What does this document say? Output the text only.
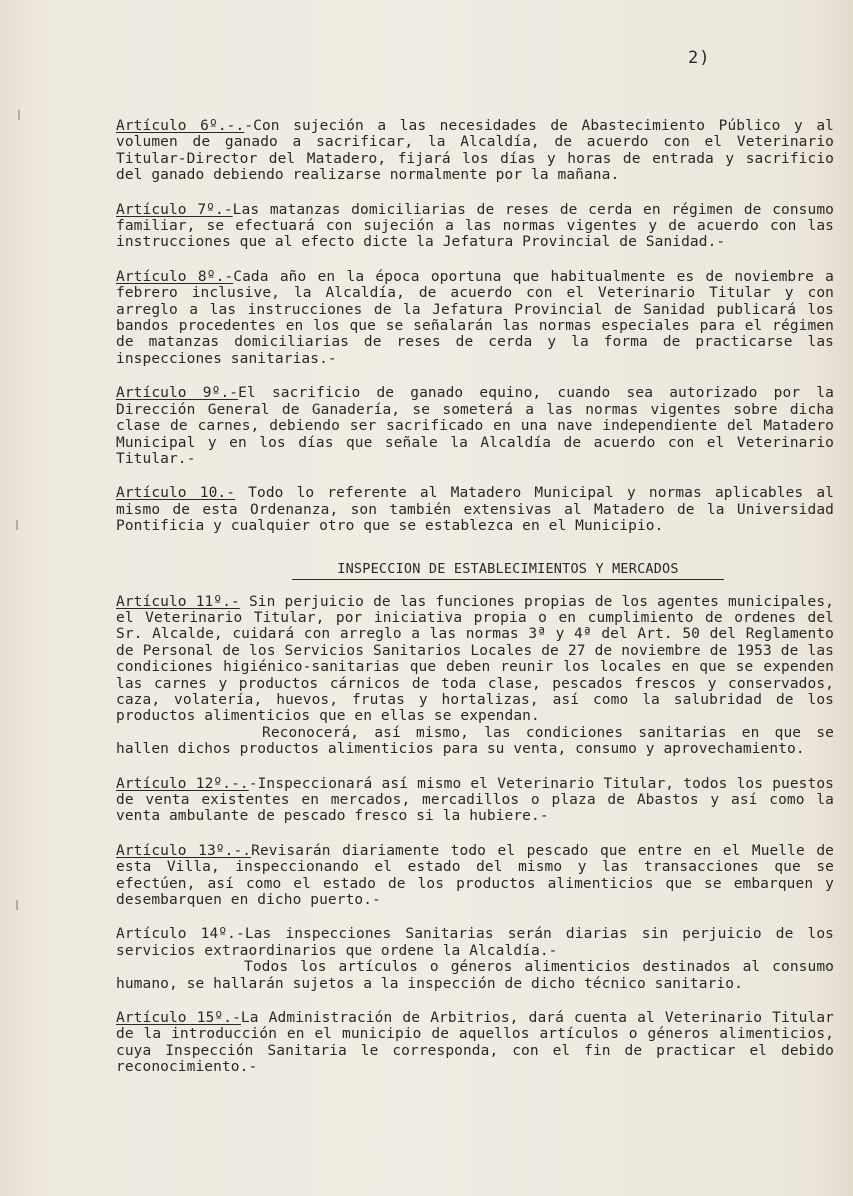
2)

Artículo 6º.-.-Con sujeción a las necesidades de Abastecimiento Público y al volumen de ganado a sacrificar, la Alcaldía, de acuerdo con el Veterinario Titular-Director del Matadero, fijará los días y horas de entrada y sacrificio del ganado debiendo realizarse normalmente por la mañana.

Artículo 7º.-Las matanzas domiciliarias de reses de cerda en régimen de consumo familiar, se efectuará con sujeción a las normas vigentes y de acuerdo con las instrucciones que al efecto dicte la Jefatura Provincial de Sanidad.-

Artículo 8º.-Cada año en la época oportuna que habitualmente es de noviembre a febrero inclusive, la Alcaldía, de acuerdo con el Veterinario Titular y con arreglo a las instrucciones de la Jefatura Provincial de Sanidad publicará los bandos procedentes en los que se señalarán las normas especiales para el régimen de matanzas domiciliarias de reses de cerda y la forma de practicarse las inspecciones sanitarias.-

Artículo 9º.-El sacrificio de ganado equino, cuando sea autorizado por la Dirección General de Ganadería, se someterá a las normas vigentes sobre dicha clase de carnes, debiendo ser sacrificado en una nave independiente del Matadero Municipal y en los días que señale la Alcaldía de acuerdo con el Veterinario Titular.-

Artículo 10.- Todo lo referente al Matadero Municipal y normas aplicables al mismo de esta Ordenanza, son también extensivas al Matadero de la Universidad Pontificia y cualquier otro que se establezca en el Municipio.

INSPECCION DE ESTABLECIMIENTOS Y MERCADOS

Artículo 11º.- Sin perjuicio de las funciones propias de los agentes municipales, el Veterinario Titular, por iniciativa propia o en cumplimiento de ordenes del Sr. Alcalde, cuidará con arreglo a las normas 3ª y 4ª del Art. 50 del Reglamento de Personal de los Servicios Sanitarios Locales de 27 de noviembre de 1953 de las condiciones higiénico-sanitarias que deben reunir los locales en que se expenden las carnes y productos cárnicos de toda clase, pescados frescos y conservados, caza, volatería, huevos, frutas y hortalizas, así como la salubridad de los productos alimenticios que en ellas se expendan.
Reconocerá, así mismo, las condiciones sanitarias en que se hallen dichos productos alimenticios para su venta, consumo y aprovechamiento.

Artículo 12º.-.-Inspeccionará así mismo el Veterinario Titular, todos los puestos de venta existentes en mercados, mercadillos o plaza de Abastos y así como la venta ambulante de pescado fresco si la hubiere.-

Artículo 13º.-.Revisarán diariamente todo el pescado que entre en el Muelle de esta Villa, inspeccionando el estado del mismo y las transacciones que se efectúen, así como el estado de los productos alimenticios que se embarquen y desembarquen en dicho puerto.-

Artículo 14º.-Las inspecciones Sanitarias serán diarias sin perjuicio de los servicios extraordinarios que ordene la Alcaldía.-
Todos los artículos o géneros alimenticios destinados al consumo humano, se hallarán sujetos a la inspección de dicho técnico sanitario.

Artículo 15º.-La Administración de Arbitrios, dará cuenta al Veterinario Titular de la introducción en el municipio de aquellos artículos o géneros alimenticios, cuya Inspección Sanitaria le corresponda, con el fin de practicar el debido reconocimiento.-
